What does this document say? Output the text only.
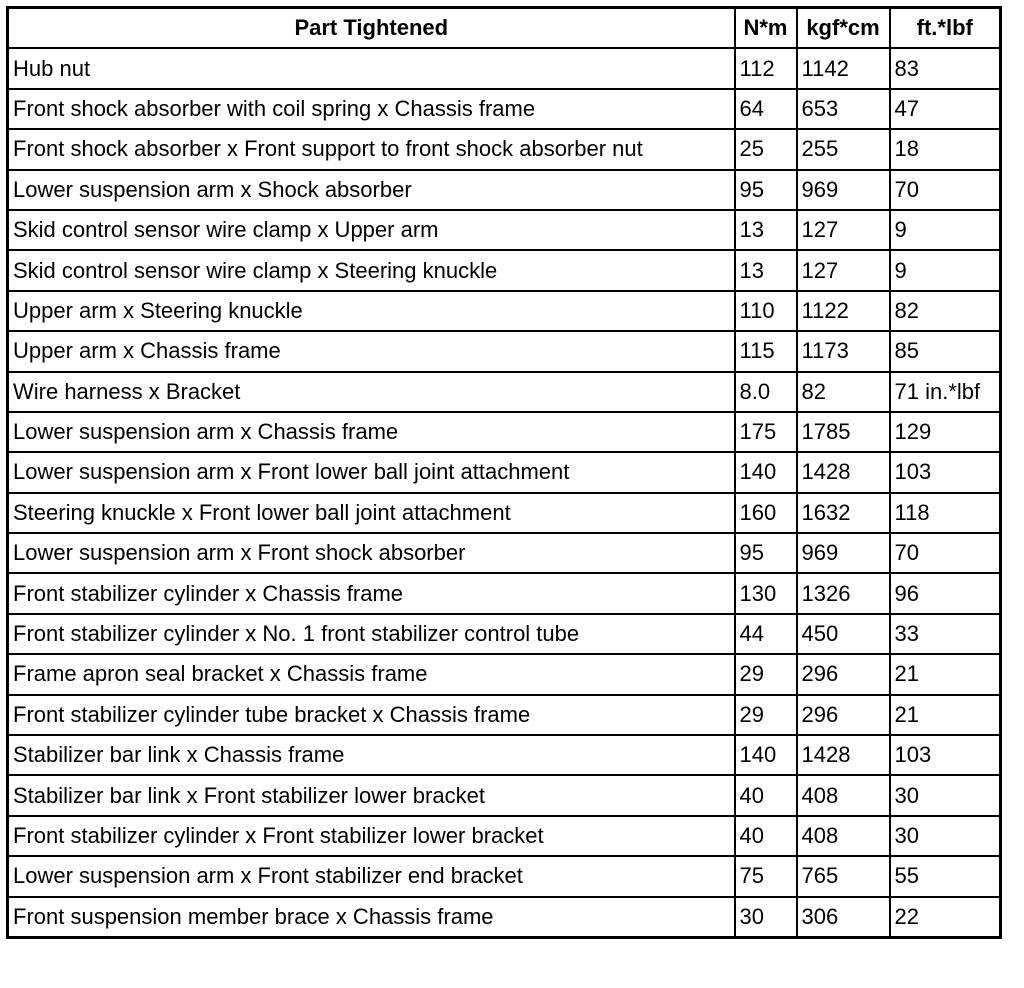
Part Tightened	N*m	kgf*cm	ft.*lbf
Hub nut	112	1142	83
Front shock absorber with coil spring x Chassis frame	64	653	47
Front shock absorber x Front support to front shock absorber nut	25	255	18
Lower suspension arm x Shock absorber	95	969	70
Skid control sensor wire clamp x Upper arm	13	127	9
Skid control sensor wire clamp x Steering knuckle	13	127	9
Upper arm x Steering knuckle	110	1122	82
Upper arm x Chassis frame	115	1173	85
Wire harness x Bracket	8.0	82	71 in.*lbf
Lower suspension arm x Chassis frame	175	1785	129
Lower suspension arm x Front lower ball joint attachment	140	1428	103
Steering knuckle x Front lower ball joint attachment	160	1632	118
Lower suspension arm x Front shock absorber	95	969	70
Front stabilizer cylinder x Chassis frame	130	1326	96
Front stabilizer cylinder x No. 1 front stabilizer control tube	44	450	33
Frame apron seal bracket x Chassis frame	29	296	21
Front stabilizer cylinder tube bracket x Chassis frame	29	296	21
Stabilizer bar link x Chassis frame	140	1428	103
Stabilizer bar link x Front stabilizer lower bracket	40	408	30
Front stabilizer cylinder x Front stabilizer lower bracket	40	408	30
Lower suspension arm x Front stabilizer end bracket	75	765	55
Front suspension member brace x Chassis frame	30	306	22
